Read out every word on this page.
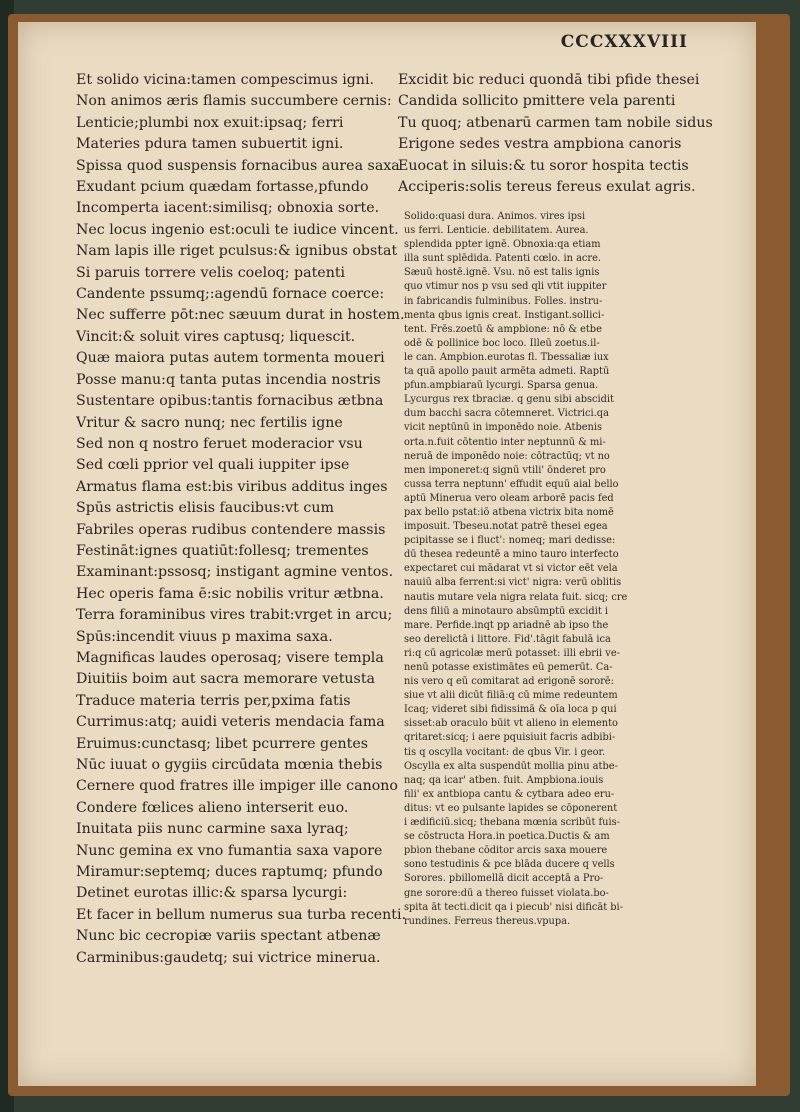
CCCXXXVIII
Et solido vicina:tamen compescimus igni.
Non animos æris flamis succumbere cernis:
Lenticie;plumbi nox exuit:ipsaq; ferri
Materies pdura tamen subuertit igni.
Spissa quod suspensis fornacibus aurea saxa
Exudant pcium quædam fortasse,pfundo
Incomperta iacent:similisq; obnoxia sorte.
Nec locus ingenio est:oculi te iudice vincent.
Nam lapis ille riget pculsus:& ignibus obstat
Si paruis torrere velis coeloq; patenti
Candente pssumq;:agendū fornace coerce:
Nec sufferre pōt:nec sæuum durat in hostem.
Vincit:& soluit vires captusq; liquescit.
Quæ maiora putas autem tormenta moueri
Posse manu:q tanta putas incendia nostris
Sustentare opibus:tantis fornacibus ætbna
Vritur & sacro nunq; nec fertilis igne
Sed non q nostro feruet moderacior vsu
Sed cœli pprior vel quali iuppiter ipse
Armatus flama est:bis viribus additus inges
Spūs astrictis elisis faucibus:vt cum
Fabriles operas rudibus contendere massis
Festināt:ignes quatiūt:follesq; trementes
Examinant:pssosq; instigant agmine ventos.
Hec operis fama ē:sic nobilis vritur ætbna.
Terra foraminibus vires trabit:vrget in arcu;
Spūs:incendit viuus p maxima saxa.
Magnificas laudes operosaq; visere templa
Diuitiis boim aut sacra memorare vetusta
Traduce materia terris per,pxima fatis
Currimus:atq; auidi veteris mendacia fama
Eruimus:cunctasq; libet pcurrere gentes
Nūc iuuat o gygiis circūdata mœnia thebis
Cernere quod fratres ille impiger ille canono
Condere fœlices alieno interserit euo.
Inuitata piis nunc carmine saxa lyraq;
Nunc gemina ex vno fumantia saxa vapore
Miramur:septemq; duces raptumq; pfundo
Detinet eurotas illic:& sparsa lycurgi:
Et facer in bellum numerus sua turba recenti.
Nunc bic cecropiæ variis spectant atbenæ
Carminibus:gaudetq; sui victrice minerua.
Excidit bic reduci quondā tibi pfide thesei
Candida sollicito pmittere vela parenti
Tu quoq; atbenarū carmen tam nobile sidus
Erigone sedes vestra ampbiona canoris
Euocat in siluis:& tu soror hospita tectis
Acciperis:solis tereus fereus exulat agris.
Solido:quasi dura. Animos. vires ipsi
us ferri. Lenticie. debilitatem. Aurea.
splendida ppter ignē. Obnoxia:qa etiam
illa sunt splēdida. Patenti cœlo. in acre.
Sæuū hostē.ignē. Vsu. nō est talis ignis
quo vtimur nos p vsu sed qli vtit iuppiter
in fabricandis fulminibus. Folles. instru-
menta qbus ignis creat. Instigant.sollici-
tent. Frēs.zoetū & ampbione: nō & etbe
odē & pollinice boc loco. Illeū zoetus.il-
le can. Ampbion.eurotas fl. Tbessaliæ iux
ta quā apollo pauit armēta admeti. Raptū
pfun.ampbiaraū lycurgi. Sparsa genua.
Lycurgus rex tbraciæ. q genu sibi abscidit
dum bacchi sacra cōtemneret. Victrici.qa
vicit neptūnū in imponēdo noie. Atbenis
orta.n.fuit cōtentio inter neptunnū & mi-
neruā de imponēdo noie: cōtractūq; vt no
men imponeret:q signū vtili' ōnderet pro
cussa terra neptunn' effudit equū aial bello
aptū Minerua vero oleam arborē pacis fed
pax bello pstat:iō atbena victrix bita nomē
imposuit. Tbeseu.notat patrē thesei egea
pcipitasse se i fluct': nomeq; mari dedisse:
dū thesea redeuntē a mino tauro interfecto
expectaret cui mādarat vt si victor eēt vela
nauiū alba ferrent:si vict' nigra: verū oblitis
nautis mutare vela nigra relata fuit. sicq; cre
dens filiū a minotauro absūmptū excidit i
mare. Perfide.inqt pp ariadnē ab ipso the
seo derelictā i littore. Fid'.tāgit fabulā ica
ri:q cū agricolæ merū potasset: illi ebrii ve-
nenū potasse existimātes eū pemerūt. Ca-
nis vero q eū comitarat ad erigonē sororē:
siue vt alii dicūt filiā:q cū mime redeuntem
Icaq; videret sibi fidissimā & oīa loca p qui
sisset:ab oraculo būit vt alieno in elemento
qritaret:sicq; i aere pquisiuit facris adbibi-
tis q oscylla vocitant: de qbus Vir. i geor.
Oscylla ex alta suspendūt mollia pinu atbe-
naq; qa icar' atben. fuit. Ampbiona.iouis
fili' ex antbiopa cantu & cytbara adeo eru-
ditus: vt eo pulsante lapides se cōponerent
i ædificiū.sicq; thebana mœnia scribūt fuis-
se cōstructa Hora.in poetica.Ductis & am
pbion thebane cōditor arcis saxa mouere
sono testudinis & pce blāda ducere q vells
Sorores. pbillomellā dicit acceptā a Pro-
gne sorore:dū a thereo fuisset violata.bo-
spita āt tecti.dicit qa i piecub' nisi dificāt bi-
rundines. Ferreus thereus.vpupa.
